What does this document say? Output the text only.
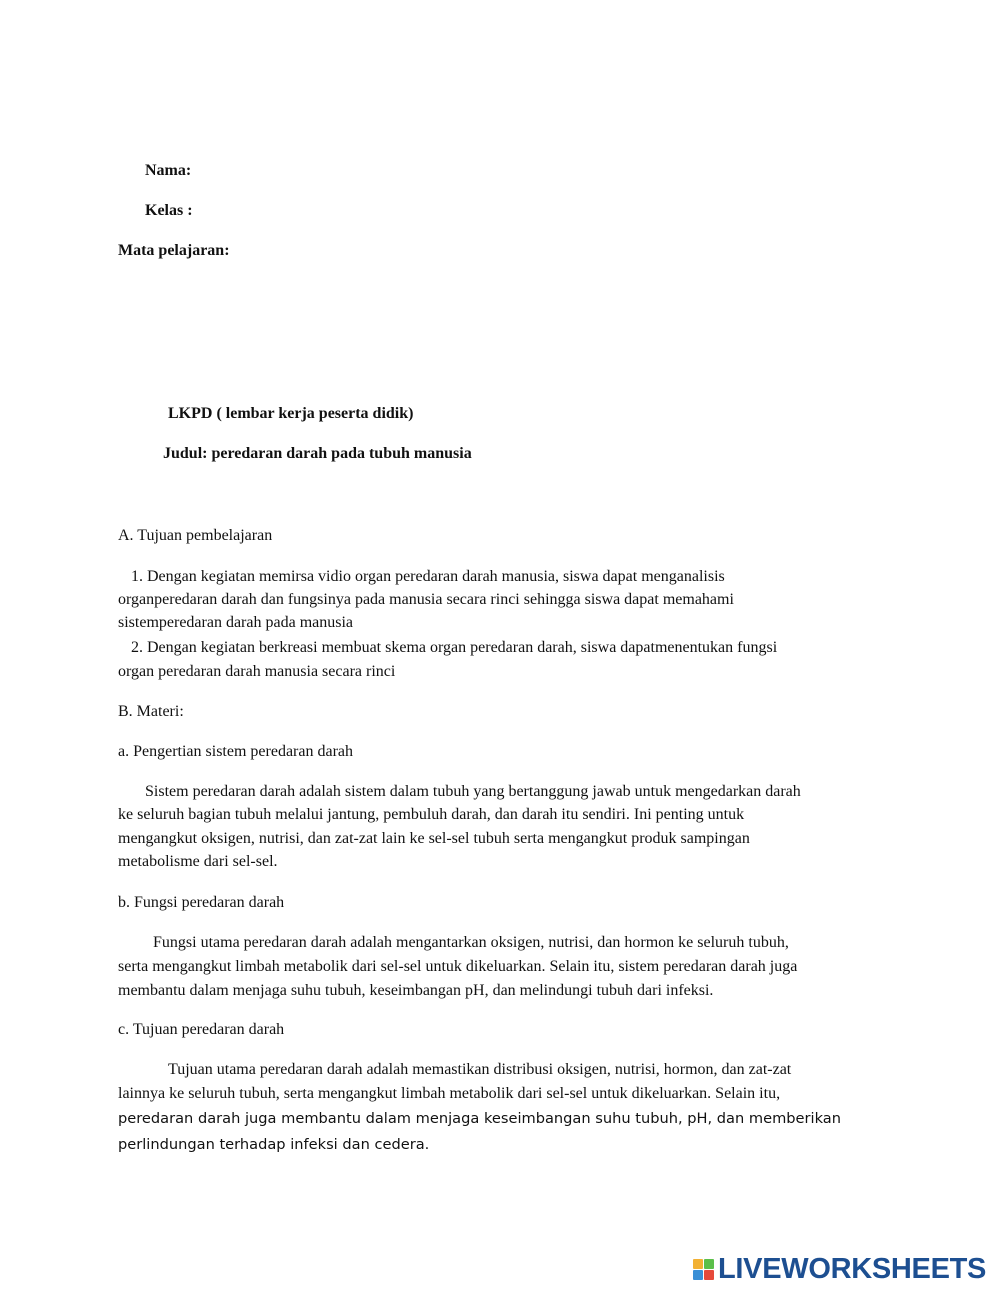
Nama:
Kelas :
Mata pelajaran:
LKPD ( lembar kerja peserta didik)
Judul: peredaran darah pada tubuh manusia
A. Tujuan pembelajaran
1. Dengan kegiatan memirsa vidio organ peredaran darah manusia, siswa dapat menganalisis
organperedaran darah dan fungsinya pada manusia secara rinci sehingga siswa dapat memahami
sistemperedaran darah pada manusia
2. Dengan kegiatan berkreasi membuat skema organ peredaran darah, siswa dapatmenentukan fungsi
organ peredaran darah manusia secara rinci
B. Materi:
a. Pengertian sistem peredaran darah
Sistem peredaran darah adalah sistem dalam tubuh yang bertanggung jawab untuk mengedarkan darah
ke seluruh bagian tubuh melalui jantung, pembuluh darah, dan darah itu sendiri. Ini penting untuk
mengangkut oksigen, nutrisi, dan zat-zat lain ke sel-sel tubuh serta mengangkut produk sampingan
metabolisme dari sel-sel.
b. Fungsi peredaran darah
Fungsi utama peredaran darah adalah mengantarkan oksigen, nutrisi, dan hormon ke seluruh tubuh,
serta mengangkut limbah metabolik dari sel-sel untuk dikeluarkan. Selain itu, sistem peredaran darah juga
membantu dalam menjaga suhu tubuh, keseimbangan pH, dan melindungi tubuh dari infeksi.
c. Tujuan peredaran darah
Tujuan utama peredaran darah adalah memastikan distribusi oksigen, nutrisi, hormon, dan zat-zat
lainnya ke seluruh tubuh, serta mengangkut limbah metabolik dari sel-sel untuk dikeluarkan. Selain itu,
peredaran darah juga membantu dalam menjaga keseimbangan suhu tubuh, pH, dan memberikan
perlindungan terhadap infeksi dan cedera.
LIVEWORKSHEETS
